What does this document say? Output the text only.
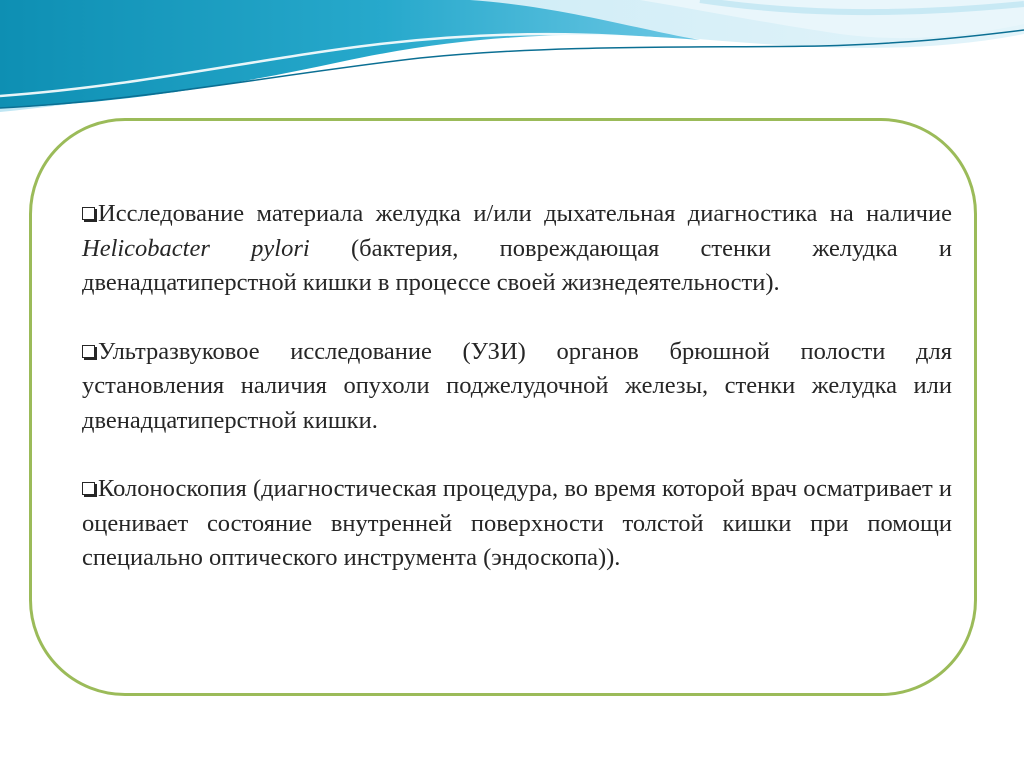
Исследование материала желудка и/или дыхательная диагностика на наличие Helicobacter pylori (бактерия, повреждающая стенки желудка и двенадцатиперстной кишки в процессе своей жизнедеятельности).
Ультразвуковое исследование (УЗИ) органов брюшной полости для установления наличия опухоли поджелудочной железы, стенки желудка или двенадцатиперстной кишки.
Колоноскопия (диагностическая процедура, во время которой врач осматривает и оценивает состояние внутренней поверхности толстой кишки при помощи специально оптического инструмента (эндоскопа)).
